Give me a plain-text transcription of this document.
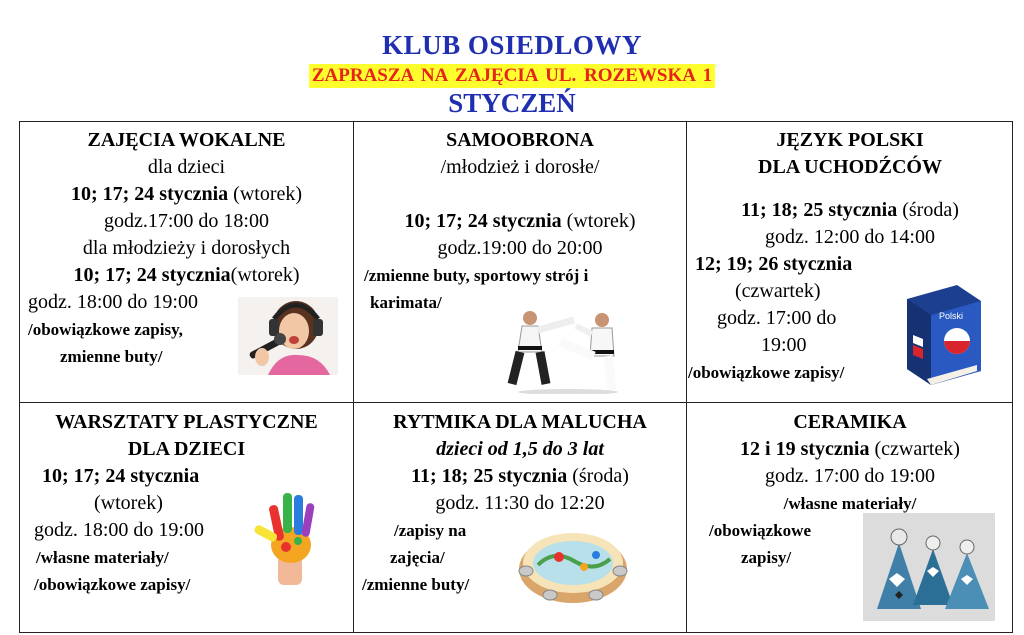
KLUB OSIEDLOWY
ZAPRASZA NA ZAJĘCIA UL. ROZEWSKA 1
STYCZEŃ
ZAJĘCIA WOKALNE
dla dzieci
10; 17; 24 stycznia (wtorek)
godz.17:00 do 18:00
dla młodzieży i dorosłych
10; 17; 24 stycznia(wtorek)
godz. 18:00 do 19:00
/obowiązkowe zapisy,
zmienne buty/
SAMOOBRONA
/młodzież i dorosłe/

10; 17; 24 stycznia (wtorek)
godz.19:00 do 20:00
/zmienne buty, sportowy strój i
karimata/
JĘZYK POLSKI
DLA UCHODŹCÓW
11; 18; 25 stycznia (środa)
godz. 12:00 do 14:00
12; 19; 26 stycznia
(czwartek)
godz. 17:00 do
19:00
/obowiązkowe zapisy/
Polski
WARSZTATY PLASTYCZNE
DLA DZIECI
10; 17; 24 stycznia
(wtorek)
godz. 18:00 do 19:00
/własne materiały/
/obowiązkowe zapisy/
RYTMIKA DLA MALUCHA
dzieci od 1,5 do 3 lat
11; 18; 25 stycznia (środa)
godz. 11:30 do 12:20
/zapisy na
zajęcia/
/zmienne buty/
CERAMIKA
12 i 19 stycznia (czwartek)
godz. 17:00 do 19:00
/własne materiały/
/obowiązkowe
zapisy/
